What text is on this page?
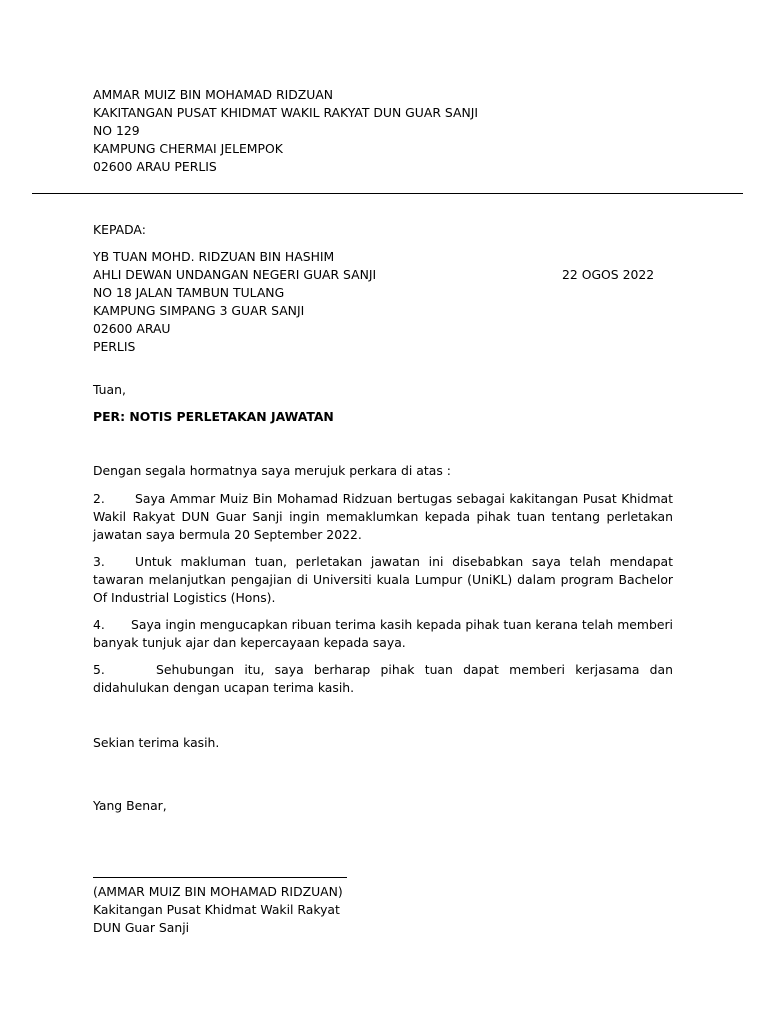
AMMAR MUIZ BIN MOHAMAD RIDZUAN
KAKITANGAN PUSAT KHIDMAT WAKIL RAKYAT DUN GUAR SANJI
NO 129
KAMPUNG CHERMAI JELEMPOK
02600 ARAU PERLIS
KEPADA:
YB TUAN MOHD. RIDZUAN BIN HASHIM
AHLI DEWAN UNDANGAN NEGERI GUAR SANJI
NO 18 JALAN TAMBUN TULANG
KAMPUNG SIMPANG 3 GUAR SANJI
02600 ARAU
PERLIS
22 OGOS 2022
Tuan,
PER: NOTIS PERLETAKAN JAWATAN
Dengan segala hormatnya saya merujuk perkara di atas :
2. Saya Ammar Muiz Bin Mohamad Ridzuan bertugas sebagai kakitangan Pusat Khidmat Wakil Rakyat DUN Guar Sanji ingin memaklumkan kepada pihak tuan tentang perletakan jawatan saya bermula 20 September 2022.
3. Untuk makluman tuan, perletakan jawatan ini disebabkan saya telah mendapat tawaran melanjutkan pengajian di Universiti kuala Lumpur (UniKL) dalam program Bachelor Of Industrial Logistics (Hons).
4. Saya ingin mengucapkan ribuan terima kasih kepada pihak tuan kerana telah memberi banyak tunjuk ajar dan kepercayaan kepada saya.
5.	Sehubungan itu, saya berharap pihak tuan dapat memberi kerjasama dan didahulukan dengan ucapan terima kasih.
Sekian terima kasih.
Yang Benar,
(AMMAR MUIZ BIN MOHAMAD RIDZUAN)
Kakitangan Pusat Khidmat Wakil Rakyat
DUN Guar Sanji
